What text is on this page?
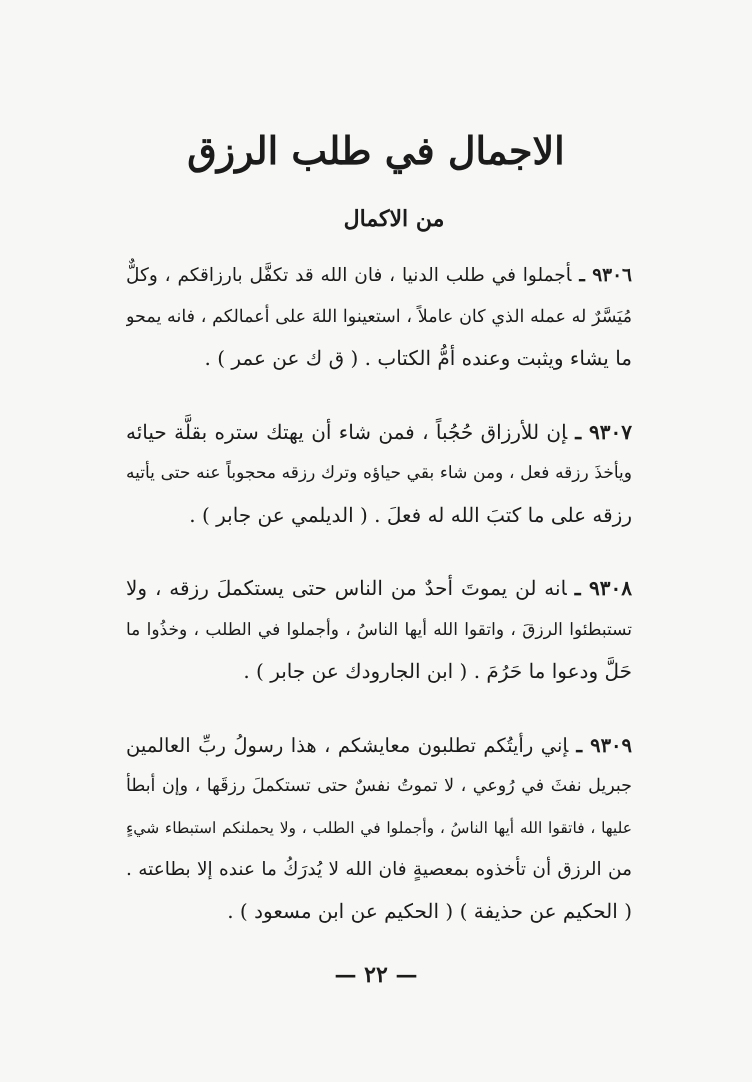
الاجمال في طلب الرزق
من الاكمال
٩٣٠٦ ـأجملوا في طلب الدنيا ، فان الله قد تكفَّل بارزاقكم ، وكلٌّ
مُيَسَّرٌ له عمله الذي كان عاملاً ، استعينوا اللهَ على أعمالكم ، فانه يمحو
ما يشاء ويثبت وعنده أمُّ الكتاب . ( ق ك عن عمر ) .
٩٣٠٧ ـإن للأرزاق حُجُباً ، فمن شاء أن يهتك ستره بقلَّة حيائه
ويأخذَ رزقه فعل ، ومن شاء بقي حياؤه وترك رزقه محجوباً عنه حتى يأتيه
رزقه على ما كتبَ الله له فعلَ . ( الديلمي عن جابر ) .
٩٣٠٨ ـانه لن يموتَ أحدٌ من الناس حتى يستكملَ رزقه ، ولا
تستبطئوا الرزقَ ، واتقوا الله أيها الناسُ ، وأجملوا في الطلب ، وخذُوا ما
حَلَّ ودعوا ما حَرُمَ . ( ابن الجارودك عن جابر ) .
٩٣٠٩ ـإني رأيتُكم تطلبون معايشكم ، هذا رسولُ ربِّ العالمين
جبريل نفثَ في رُوعي ، لا تموتُ نفسٌ حتى تستكملَ رزقَها ، وإن أبطأ
عليها ، فاتقوا الله أيها الناسُ ، وأجملوا في الطلب ، ولا يحملنكم استبطاء شيءٍ
من الرزق أن تأخذوه بمعصيةٍ فان الله لا يُدرَكُ ما عنده إلا بطاعته .
( الحكيم عن حذيفة ) ( الحكيم عن ابن مسعود ) .
— ٢٢ —
